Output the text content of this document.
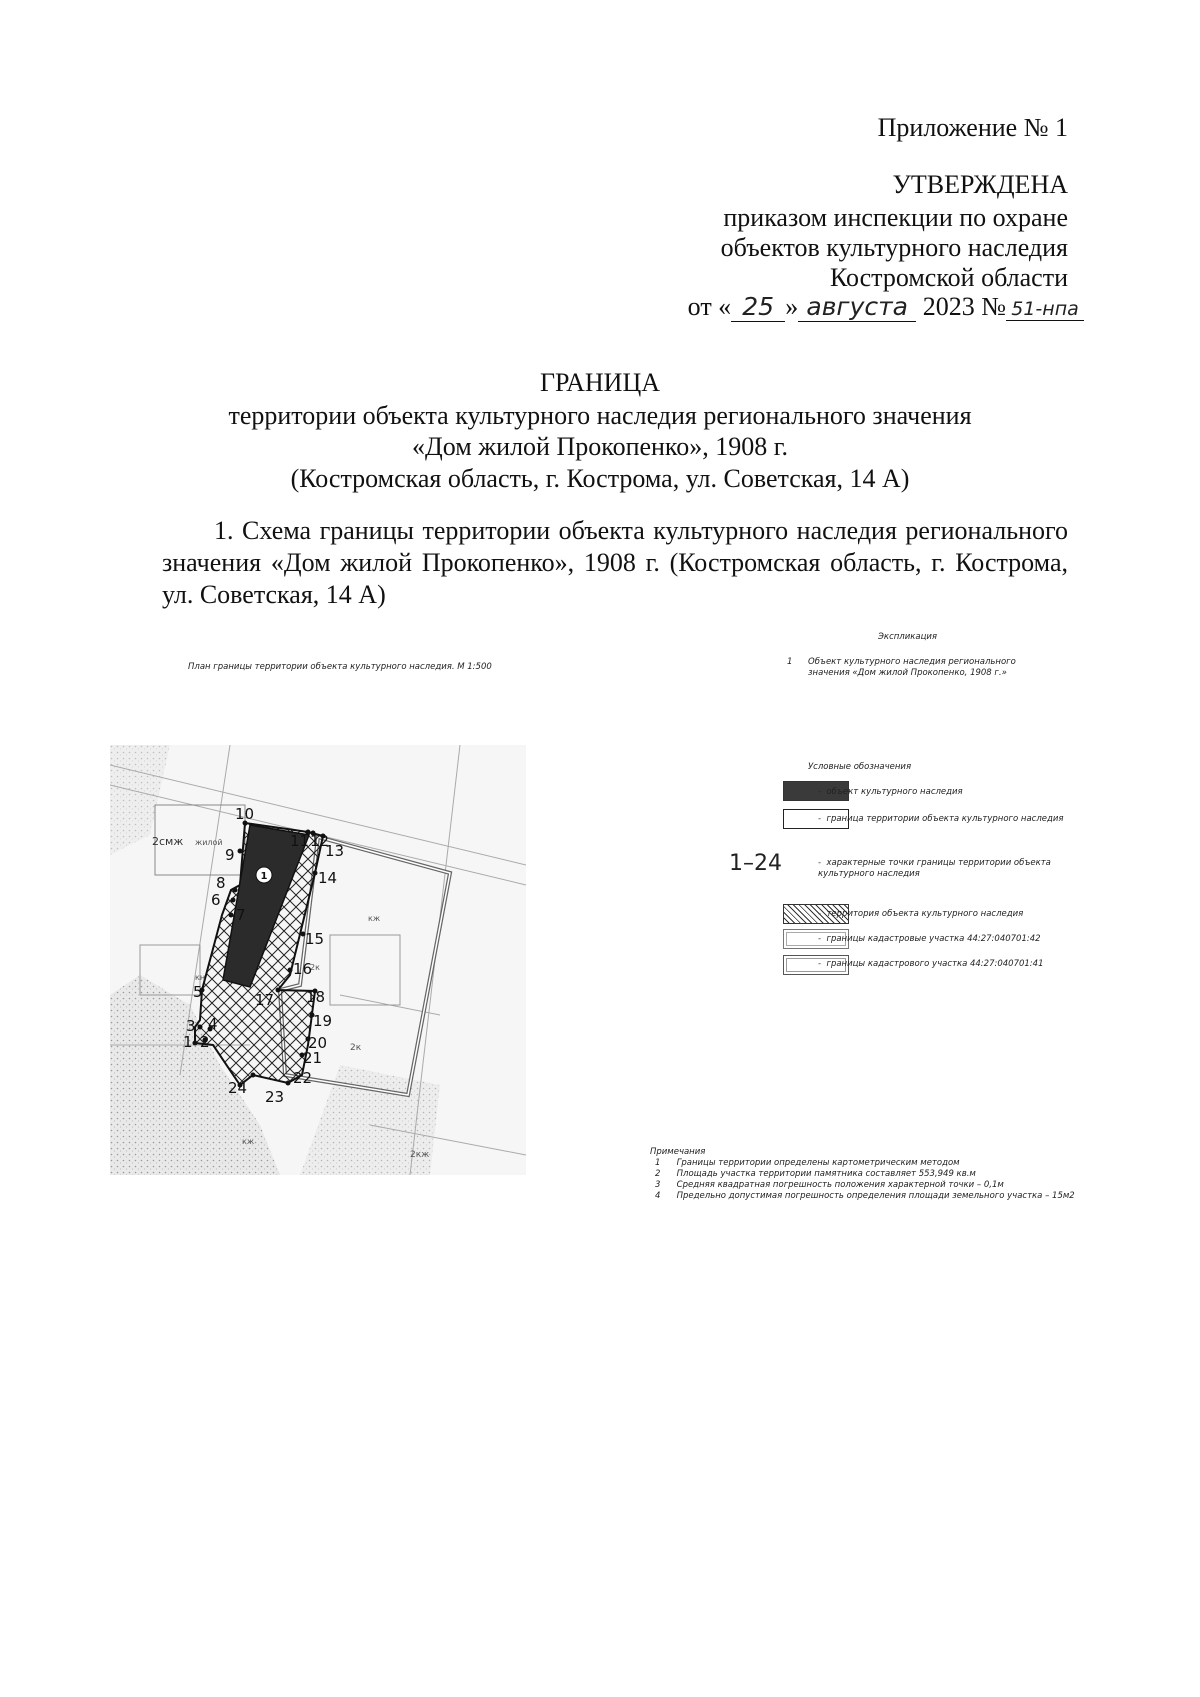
Приложение № 1
УТВЕРЖДЕНА
приказом инспекции по охране
объектов культурного наследия
Костромской области
от « 25 » августа 2023 № 51-нпа
ГРАНИЦА
территории объекта культурного наследия регионального значения
«Дом жилой Прокопенко», 1908 г.
(Костромская область, г. Кострома, ул. Советская, 14 А)
1. Схема границы территории объекта культурного наследия регионального значения «Дом жилой Прокопенко», 1908 г. (Костромская область, г. Кострома, ул. Советская, 14 А)
План границы территории объекта культурного наследия. М 1:500
Экспликация
1 Объект культурного наследия регионального значения «Дом жилой Прокопенко, 1908 г.»
1
2смж жилой
кж
2к
2кж
2к
кн
кж
1 2
3 4
5
6
7
8
9
10
11 12
13
14
15
16
17 18
19
20
21
22
23
24
Условные обозначения
-  объект культурного наследия
-  граница территории объекта культурного наследия
1–24	-  характерные точки границы территории объекта культурного наследия
-  территория объекта культурного наследия
-  границы кадастровые участка 44:27:040701:42
-  границы кадастрового участка 44:27:040701:41
Примечания
1 Границы территории определены картометрическим методом
2 Площадь участка территории памятника составляет 553,949 кв.м
3 Средняя квадратная погрешность положения характерной точки – 0,1м
4 Предельно допустимая погрешность определения площади земельного участка – 15м2
